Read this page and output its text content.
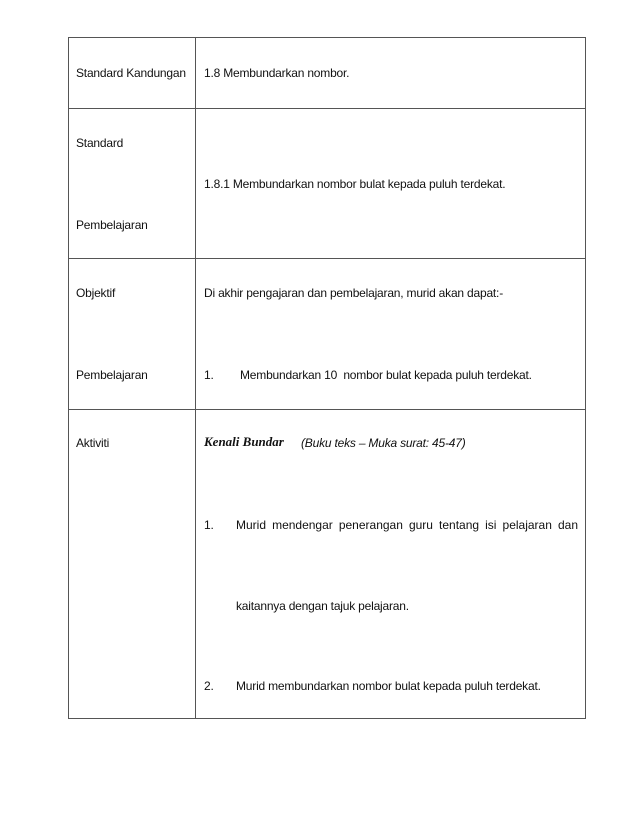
Standard Kandungan 1.8 Membundarkan nombor.
Standard
Pembelajaran
1.8.1 Membundarkan nombor bulat kepada puluh terdekat.
Objektif
Pembelajaran
Di akhir pengajaran dan pembelajaran, murid akan dapat:-
1. Membundarkan 10  nombor bulat kepada puluh terdekat.
Aktiviti	Kenali Bundar (Buku teks – Muka surat: 45-47)
1. Murid mendengar penerangan guru tentang isi pelajaran dan
kaitannya dengan tajuk pelajaran.
2. Murid membundarkan nombor bulat kepada puluh terdekat.
